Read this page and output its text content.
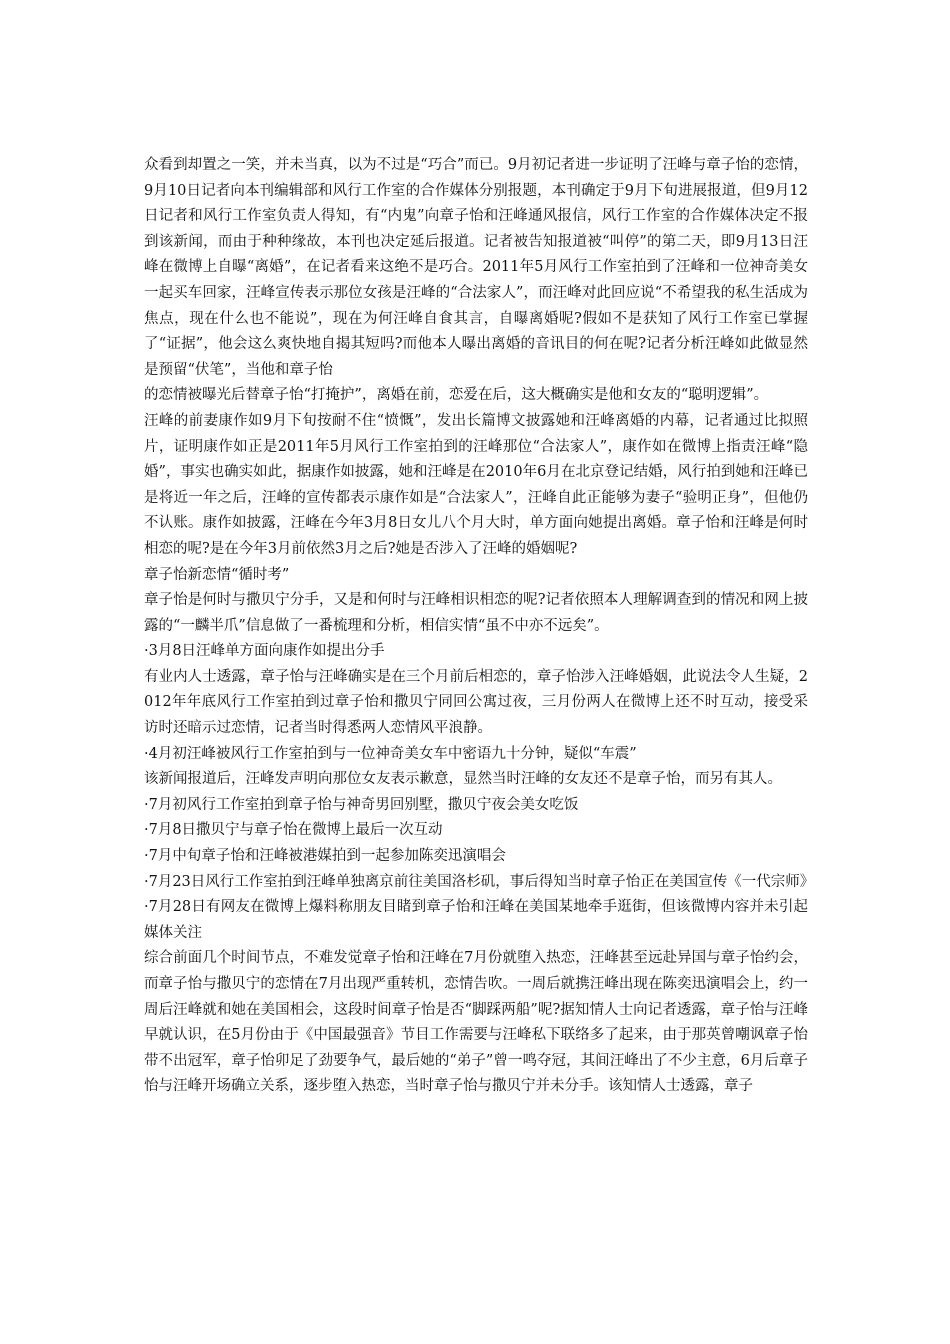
众看到却置之一笑，并未当真，以为不过是“巧合”而已。9月初记者进一步证明了汪峰与章子怡的恋情，9月10日记者向本刊编辑部和风行工作室的合作媒体分别报题，本刊确定于9月下旬进展报道，但9月12日记者和风行工作室负责人得知，有“内鬼”向章子怡和汪峰通风报信，风行工作室的合作媒体决定不报到该新闻，而由于种种缘故，本刊也决定延后报道。记者被告知报道被“叫停”的第二天，即9月13日汪峰在微博上自曝“离婚”，在记者看来这绝不是巧合。2011年5月风行工作室拍到了汪峰和一位神奇美女一起买车回家，汪峰宣传表示那位女孩是汪峰的“合法家人”，而汪峰对此回应说“不希望我的私生活成为焦点，现在什么也不能说”，现在为何汪峰自食其言，自曝离婚呢?假如不是获知了风行工作室已掌握了“证据”，他会这么爽快地自揭其短吗?而他本人曝出离婚的音讯目的何在呢?记者分析汪峰如此做显然是预留“伏笔”，当他和章子怡

的恋情被曝光后替章子怡“打掩护”，离婚在前，恋爱在后，这大概确实是他和女友的“聪明逻辑”。

汪峰的前妻康作如9月下旬按耐不住“愤慨”，发出长篇博文披露她和汪峰离婚的内幕，记者通过比拟照片，证明康作如正是2011年5月风行工作室拍到的汪峰那位“合法家人”，康作如在微博上指责汪峰“隐婚”，事实也确实如此，据康作如披露，她和汪峰是在2010年6月在北京登记结婚，风行拍到她和汪峰已是将近一年之后，汪峰的宣传都表示康作如是“合法家人”，汪峰自此正能够为妻子“验明正身”，但他仍不认账。康作如披露，汪峰在今年3月8日女儿八个月大时，单方面向她提出离婚。章子怡和汪峰是何时相恋的呢?是在今年3月前依然3月之后?她是否涉入了汪峰的婚姻呢?

章子怡新恋情“循时考”

章子怡是何时与撒贝宁分手，又是和何时与汪峰相识相恋的呢?记者依照本人理解调查到的情况和网上披露的“一麟半爪”信息做了一番梳理和分析，相信实情“虽不中亦不远矣”。

·3月8日汪峰单方面向康作如提出分手

有业内人士透露，章子怡与汪峰确实是在三个月前后相恋的，章子怡涉入汪峰婚姻，此说法令人生疑，2012年年底风行工作室拍到过章子怡和撒贝宁同回公寓过夜，三月份两人在微博上还不时互动，接受采访时还暗示过恋情，记者当时得悉两人恋情风平浪静。

·4月初汪峰被风行工作室拍到与一位神奇美女车中密语九十分钟，疑似“车震”

该新闻报道后，汪峰发声明向那位女友表示歉意，显然当时汪峰的女友还不是章子怡，而另有其人。

·7月初风行工作室拍到章子怡与神奇男回别墅，撒贝宁夜会美女吃饭

·7月8日撒贝宁与章子怡在微博上最后一次互动

·7月中旬章子怡和汪峰被港媒拍到一起参加陈奕迅演唱会

·7月23日风行工作室拍到汪峰单独离京前往美国洛杉矶，事后得知当时章子怡正在美国宣传《一代宗师》

·7月28日有网友在微博上爆料称朋友目睹到章子怡和汪峰在美国某地牵手逛街，但该微博内容并未引起媒体关注

综合前面几个时间节点，不难发觉章子怡和汪峰在7月份就堕入热恋，汪峰甚至远赴异国与章子怡约会，而章子怡与撒贝宁的恋情在7月出现严重转机，恋情告吹。一周后就携汪峰出现在陈奕迅演唱会上，约一周后汪峰就和她在美国相会，这段时间章子怡是否“脚踩两船”呢?据知情人士向记者透露，章子怡与汪峰早就认识，在5月份由于《中国最强音》节目工作需要与汪峰私下联络多了起来，由于那英曾嘲讽章子怡带不出冠军，章子怡卯足了劲要争气，最后她的“弟子”曾一鸣夺冠，其间汪峰出了不少主意，6月后章子怡与汪峰开场确立关系，逐步堕入热恋，当时章子怡与撒贝宁并未分手。该知情人士透露，章子
